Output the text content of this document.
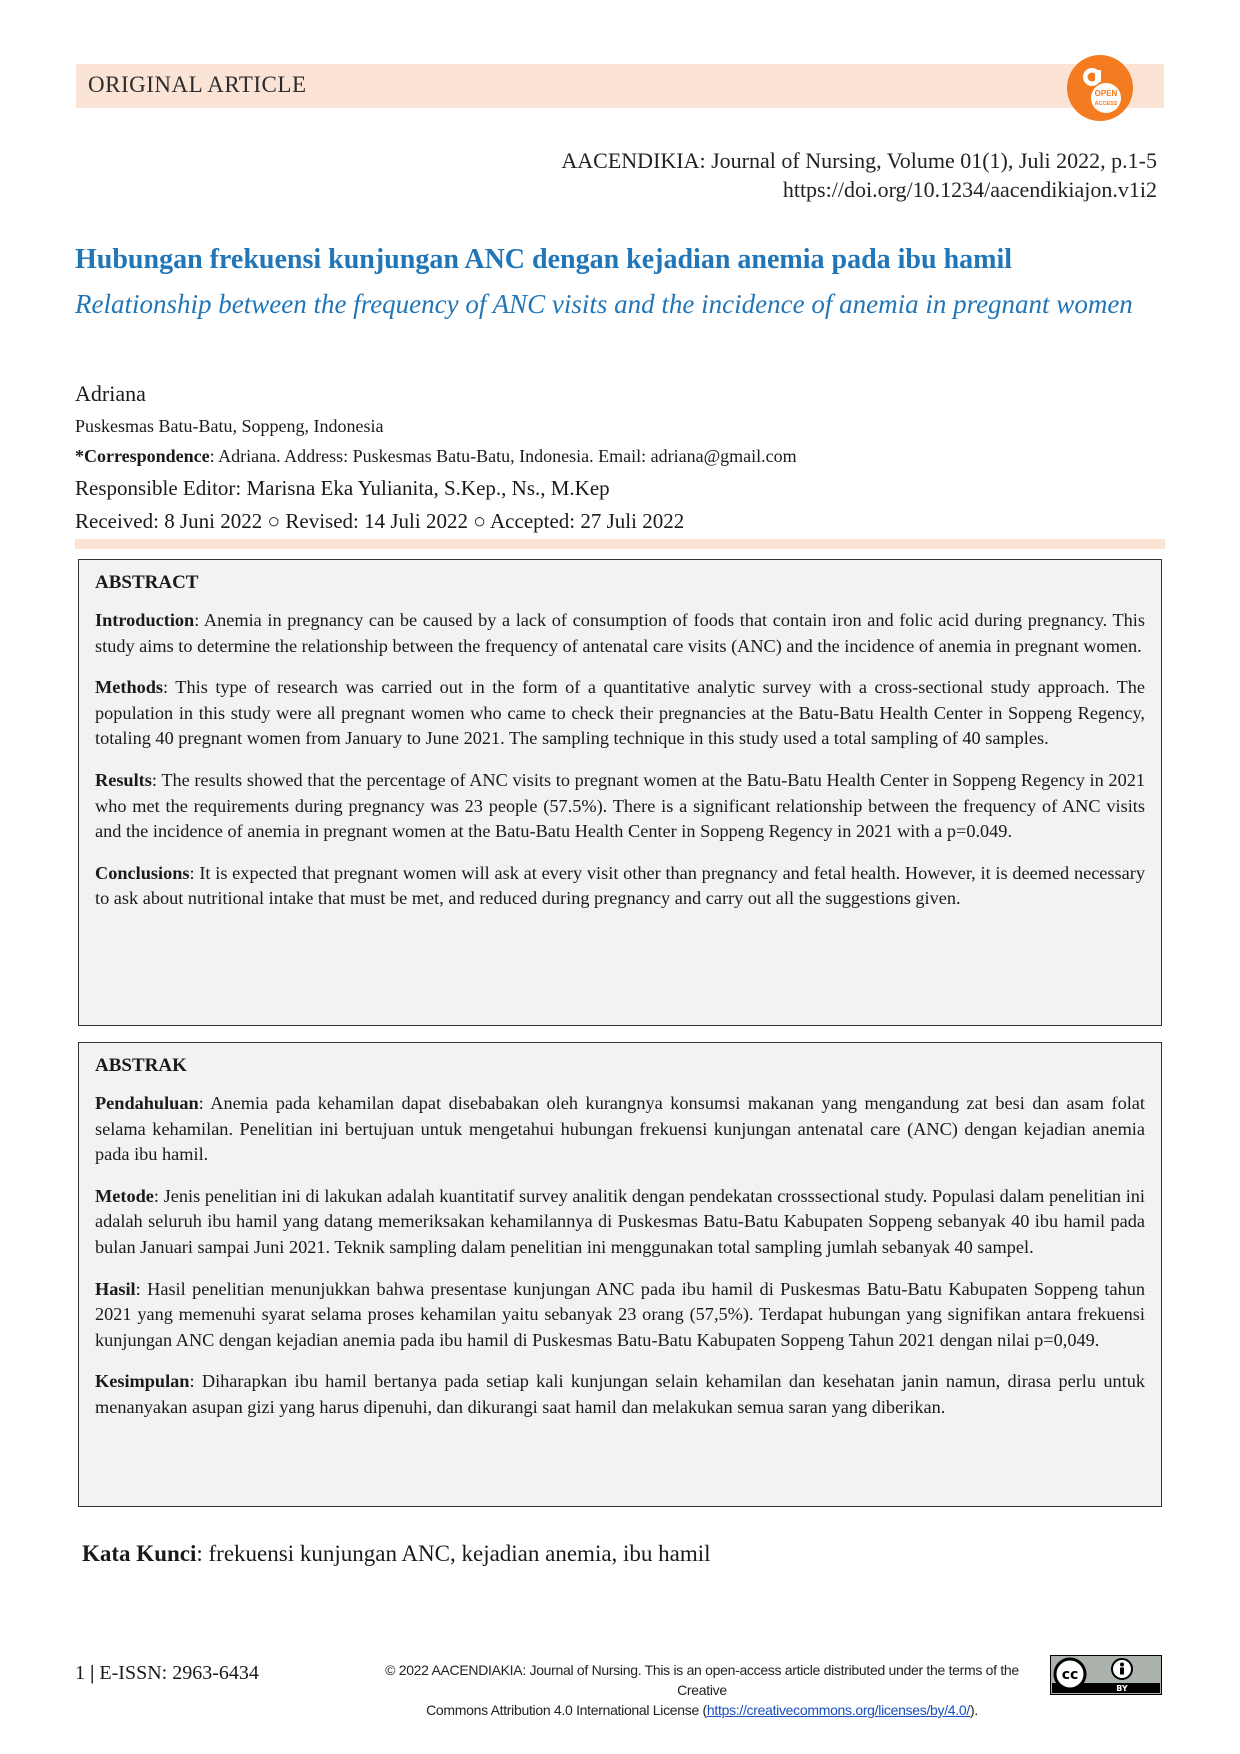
ORIGINAL ARTICLE	OPEN
ACCESS
AACENDIKIA: Journal of Nursing, Volume 01(1), Juli 2022, p.1-5
https://doi.org/10.1234/aacendikiajon.v1i2
Hubungan frekuensi kunjungan ANC dengan kejadian anemia pada ibu hamil
Relationship between the frequency of ANC visits and the incidence of anemia in pregnant women
Adriana
Puskesmas Batu-Batu, Soppeng, Indonesia
*Correspondence: Adriana. Address: Puskesmas Batu-Batu, Indonesia. Email: adriana@gmail.com
Responsible Editor: Marisna Eka Yulianita, S.Kep., Ns., M.Kep
Received: 8 Juni 2022 ○ Revised: 14 Juli 2022 ○ Accepted: 27 Juli 2022
ABSTRACT

Introduction: Anemia in pregnancy can be caused by a lack of consumption of foods that contain iron and folic acid during pregnancy. This study aims to determine the relationship between the frequency of antenatal care visits (ANC) and the incidence of anemia in pregnant women.

Methods: This type of research was carried out in the form of a quantitative analytic survey with a cross-sectional study approach. The population in this study were all pregnant women who came to check their pregnancies at the Batu-Batu Health Center in Soppeng Regency, totaling 40 pregnant women from January to June 2021. The sampling technique in this study used a total sampling of 40 samples.

Results: The results showed that the percentage of ANC visits to pregnant women at the Batu-Batu Health Center in Soppeng Regency in 2021 who met the requirements during pregnancy was 23 people (57.5%). There is a significant relationship between the frequency of ANC visits and the incidence of anemia in pregnant women at the Batu-Batu Health Center in Soppeng Regency in 2021 with a p=0.049.

Conclusions: It is expected that pregnant women will ask at every visit other than pregnancy and fetal health. However, it is deemed necessary to ask about nutritional intake that must be met, and reduced during pregnancy and carry out all the suggestions given.

ABSTRAK

Pendahuluan: Anemia pada kehamilan dapat disebabakan oleh kurangnya konsumsi makanan yang mengandung zat besi dan asam folat selama kehamilan. Penelitian ini bertujuan untuk mengetahui hubungan frekuensi kunjungan antenatal care (ANC) dengan kejadian anemia pada ibu hamil.

Metode: Jenis penelitian ini di lakukan adalah kuantitatif survey analitik dengan pendekatan crosssectional study. Populasi dalam penelitian ini adalah seluruh ibu hamil yang datang memeriksakan kehamilannya di Puskesmas Batu-Batu Kabupaten Soppeng sebanyak 40 ibu hamil pada bulan Januari sampai Juni 2021. Teknik sampling dalam penelitian ini menggunakan total sampling jumlah sebanyak 40 sampel.

Hasil: Hasil penelitian menunjukkan bahwa presentase kunjungan ANC pada ibu hamil di Puskesmas Batu-Batu Kabupaten Soppeng tahun 2021 yang memenuhi syarat selama proses kehamilan yaitu sebanyak 23 orang (57,5%). Terdapat hubungan yang signifikan antara frekuensi kunjungan ANC dengan kejadian anemia pada ibu hamil di Puskesmas Batu-Batu Kabupaten Soppeng Tahun 2021 dengan nilai p=0,049.

Kesimpulan: Diharapkan ibu hamil bertanya pada setiap kali kunjungan selain kehamilan dan kesehatan janin namun, dirasa perlu untuk menanyakan asupan gizi yang harus dipenuhi, dan dikurangi saat hamil dan melakukan semua saran yang diberikan.

Kata Kunci: frekuensi kunjungan ANC, kejadian anemia, ibu hamil
1 | E-ISSN: 2963-6434	© 2022 AACENDIAKIA: Journal of Nursing. This is an open-access article distributed under the terms of the Creative
Commons Attribution 4.0 International License (https://creativecommons.org/licenses/by/4.0/).
cc
BY
